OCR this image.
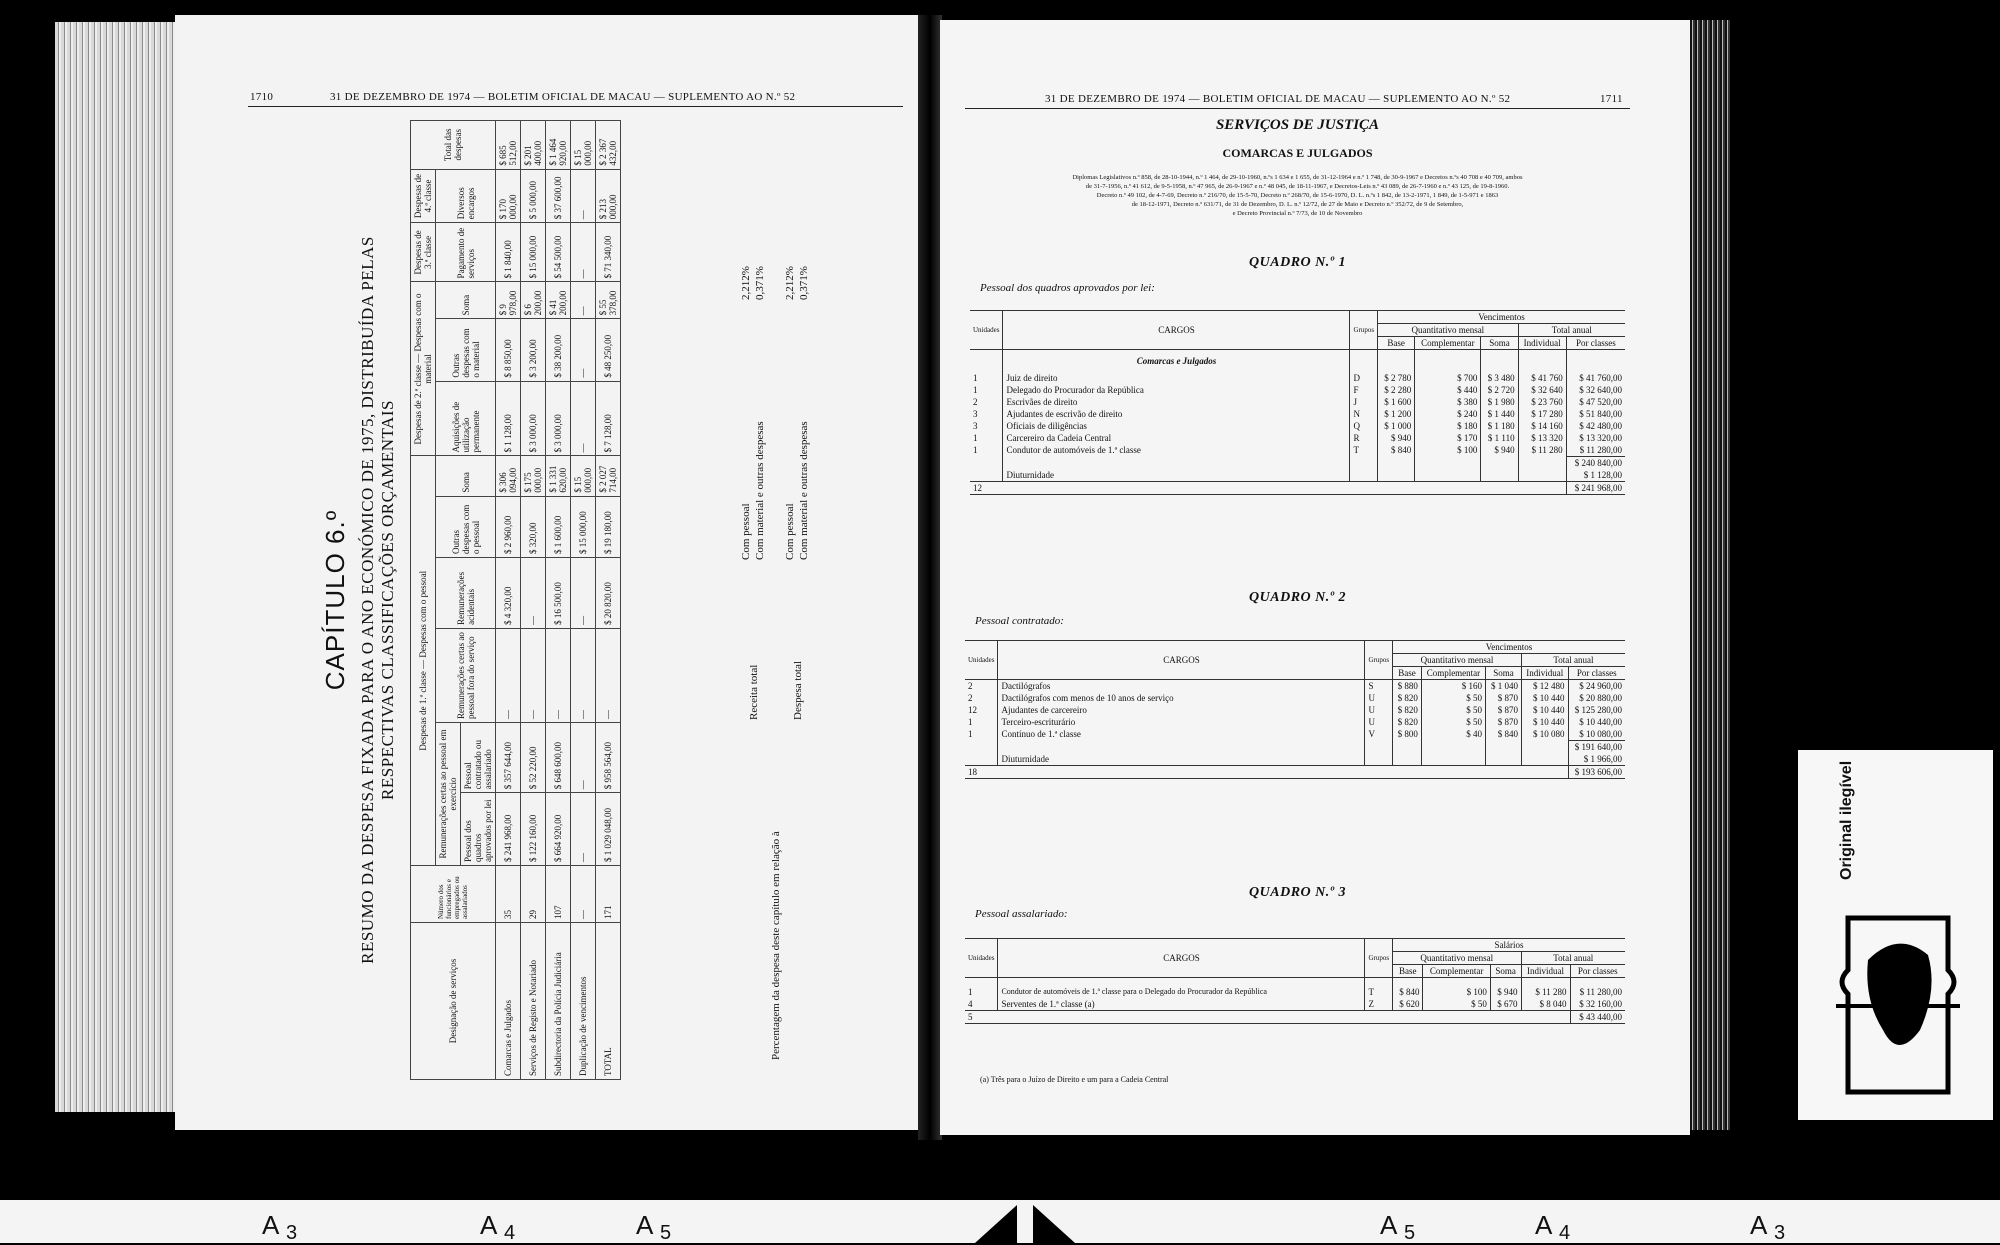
1710	31 DE DEZEMBRO DE 1974 — BOLETIM OFICIAL DE MACAU — SUPLEMENTO AO N.º 52
CAPÍTULO 6.º RESUMO DA DESPESA FIXADA PARA O ANO ECONÓMICO DE 1975, DISTRIBUÍDA PELAS RESPECTIVAS CLASSIFICAÇÕES ORÇAMENTAIS
Designação de serviços	Número dos funcionários e empregados ou assalariados	Despesas de 1.ª classe — Despesas com o pessoal						Despesas de 2.ª classe — Despesas com o material			Despesas de 3.ª classe	Despesas de 4.ª classe	Total das despesas
		Remunerações certas ao pessoal em exercício		Remunerações certas ao pessoal fora do serviço	Remunerações acidentais	Outras despesas com o pessoal	Soma	Aquisições de utilização permanente	Outras despesas com o material	Soma	Pagamento de serviços	Diversos encargos	
		Pessoal dos quadros aprovados por lei	Pessoal contratado ou assalariado										
Comarcas e Julgados	35	$ 241 968,00	$ 357 644,00	—	$ 4 320,00	$ 2 960,00	$ 306 094,00	$ 1 128,00	$ 8 850,00	$ 9 978,00	$ 1 840,00	$ 170 000,00	$ 685 512,00
Serviços de Registo e Notariado	29	$ 122 160,00	$ 52 220,00	—	—	$ 320,00	$ 175 000,00	$ 3 000,00	$ 3 200,00	$ 6 200,00	$ 15 000,00	$ 5 000,00	$ 201 400,00
Subdirectoria da Polícia Judiciária	107	$ 664 920,00	$ 648 600,00	—	$ 16 500,00	$ 1 600,00	$ 1 331 620,00	$ 3 000,00	$ 38 200,00	$ 41 200,00	$ 54 500,00	$ 37 600,00	$ 1 464 920,00
Duplicação de vencimentos	—	—	—	—	—	$ 15 000,00	$ 15 000,00	—	—	—	—	—	$ 15 000,00
TOTAL	171	$ 1 029 048,00	$ 958 564,00	—	$ 20 820,00	$ 19 180,00	$ 2 027 714,00	$ 7 128,00	$ 48 250,00	$ 55 378,00	$ 71 340,00	$ 213 000,00	$ 2 367 432,00
Percentagem da despesa deste capítulo em relação à
Receita total	Despesa total
Com pessoal Com material e outras despesas
2,212% 0,371%
Com pessoal Com material e outras despesas
2,212% 0,371%
31 DE DEZEMBRO DE 1974 — BOLETIM OFICIAL DE MACAU — SUPLEMENTO AO N.º 52	1711
SERVIÇOS DE JUSTIÇA
COMARCAS E JULGADOS
Diplomas Legislativos n.º 858, de 28-10-1944, n.º 1 464, de 29-10-1960, n.ºs 1 634 e 1 655, de 31-12-1964 e n.º 1 748, de 30-9-1967 e Decretos n.ºs 40 708 e 40 709, ambos
de 31-7-1956, n.º 41 612, de 9-5-1958, n.º 47 965, de 26-9-1967 e n.º 48 045, de 18-11-1967, e Decretos-Leis n.º 43 089, de 26-7-1960 e n.º 43 125, de 19-8-1960.
Decreto n.º 49 102, de 4-7-69, Decreto n.º 216/70, de 15-5-70, Decreto n.º 268/70, de 15-6-1970, D. L. n.ºs 1 842, de 13-2-1971, 1 849, de 1-5-971 e 1863
de 18-12-1971, Decreto n.º 631/71, de 31 de Dezembro, D. L. n.º 12/72, de 27 de Maio e Decreto n.º 352/72, de 9 de Setembro,
e Decreto Provincial n.º 7/73, de 10 de Novembro
QUADRO N.º 1
Pessoal dos quadros aprovados por lei:
Unidades	CARGOS	Grupos	Vencimentos				
			Quantitativo mensal			Total anual	
			Base	Complementar	Soma	Individual	Por classes
	Comarcas e Julgados						
1	Juiz de direito	D	$ 2 780	$ 700	$ 3 480	$ 41 760	$ 41 760,00
1	Delegado do Procurador da República	F	$ 2 280	$ 440	$ 2 720	$ 32 640	$ 32 640,00
2	Escrivães de direito	J	$ 1 600	$ 380	$ 1 980	$ 23 760	$ 47 520,00
3	Ajudantes de escrivão de direito	N	$ 1 200	$ 240	$ 1 440	$ 17 280	$ 51 840,00
3	Oficiais de diligências	Q	$ 1 000	$ 180	$ 1 180	$ 14 160	$ 42 480,00
1	Carcereiro da Cadeia Central	R	$ 940	$ 170	$ 1 110	$ 13 320	$ 13 320,00
1	Condutor de automóveis de 1.ª classe	T	$ 840	$ 100	$ 940	$ 11 280	$ 11 280,00
							$ 240 840,00
	Diuturnidade						$ 1 128,00
12							$ 241 968,00
QUADRO N.º 2
Pessoal contratado:
Unidades	CARGOS	Grupos	Vencimentos				
			Quantitativo mensal			Total anual	
			Base	Complementar	Soma	Individual	Por classes
2	Dactilógrafos	S	$ 880	$ 160	$ 1 040	$ 12 480	$ 24 960,00
2	Dactilógrafos com menos de 10 anos de serviço	U	$ 820	$ 50	$ 870	$ 10 440	$ 20 880,00
12	Ajudantes de carcereiro	U	$ 820	$ 50	$ 870	$ 10 440	$ 125 280,00
1	Terceiro-escriturário	U	$ 820	$ 50	$ 870	$ 10 440	$ 10 440,00
1	Contínuo de 1.ª classe	V	$ 800	$ 40	$ 840	$ 10 080	$ 10 080,00
							$ 191 640,00
	Diuturnidade						$ 1 966,00
18							$ 193 606,00
QUADRO N.º 3
Pessoal assalariado:
Unidades	CARGOS	Grupos	Salários				
			Quantitativo mensal			Total anual	
			Base	Complementar	Soma	Individual	Por classes

1	Condutor de automóveis de 1.ª classe para o Delegado do Procurador da República	T	$ 840	$ 100	$ 940	$ 11 280	$ 11 280,00
4	Serventes de 1.ª classe (a)	Z	$ 620	$ 50	$ 670	$ 8 040	$ 32 160,00
5							$ 43 440,00
(a) Três para o Juízo de Direito e um para a Cadeia Central
Original ilegível
A 3	A 4	A 5	A 5	A 4	A 3
